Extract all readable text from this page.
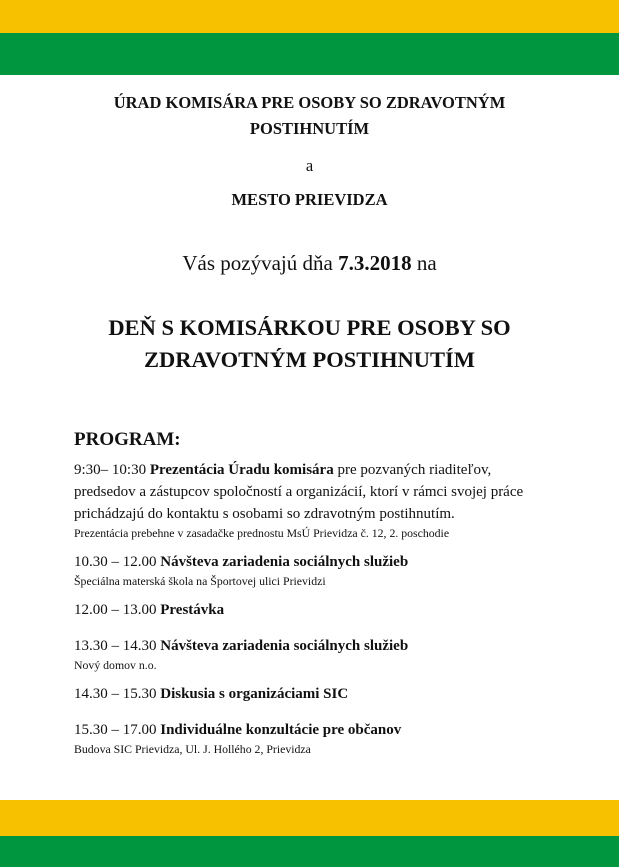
ÚRAD KOMISÁRA PRE OSOBY SO ZDRAVOTNÝM POSTIHNUTÍM
a
MESTO PRIEVIDZA
Vás pozývajú dňa 7.3.2018 na
DEŇ S KOMISÁRKOU PRE OSOBY SO ZDRAVOTNÝM POSTIHNUTÍM
PROGRAM:
9:30– 10:30 Prezentácia Úradu komisára pre pozvaných riaditeľov, predsedov a zástupcov spoločností a organizácií, ktorí v rámci svojej práce prichádzajú do kontaktu s osobami so zdravotným postihnutím.
Prezentácia prebehne v zasadačke prednostu MsÚ Prievidza č. 12, 2. poschodie
10.30 – 12.00 Návšteva zariadenia sociálnych služieb
Špeciálna materská škola na Športovej ulici Prievidzi
12.00 – 13.00 Prestávka
13.30 – 14.30 Návšteva zariadenia sociálnych služieb
Nový domov n.o.
14.30 – 15.30 Diskusia s organizáciami SIC
15.30 – 17.00 Individuálne konzultácie pre občanov
Budova SIC Prievidza, Ul. J. Hollého 2, Prievidza
